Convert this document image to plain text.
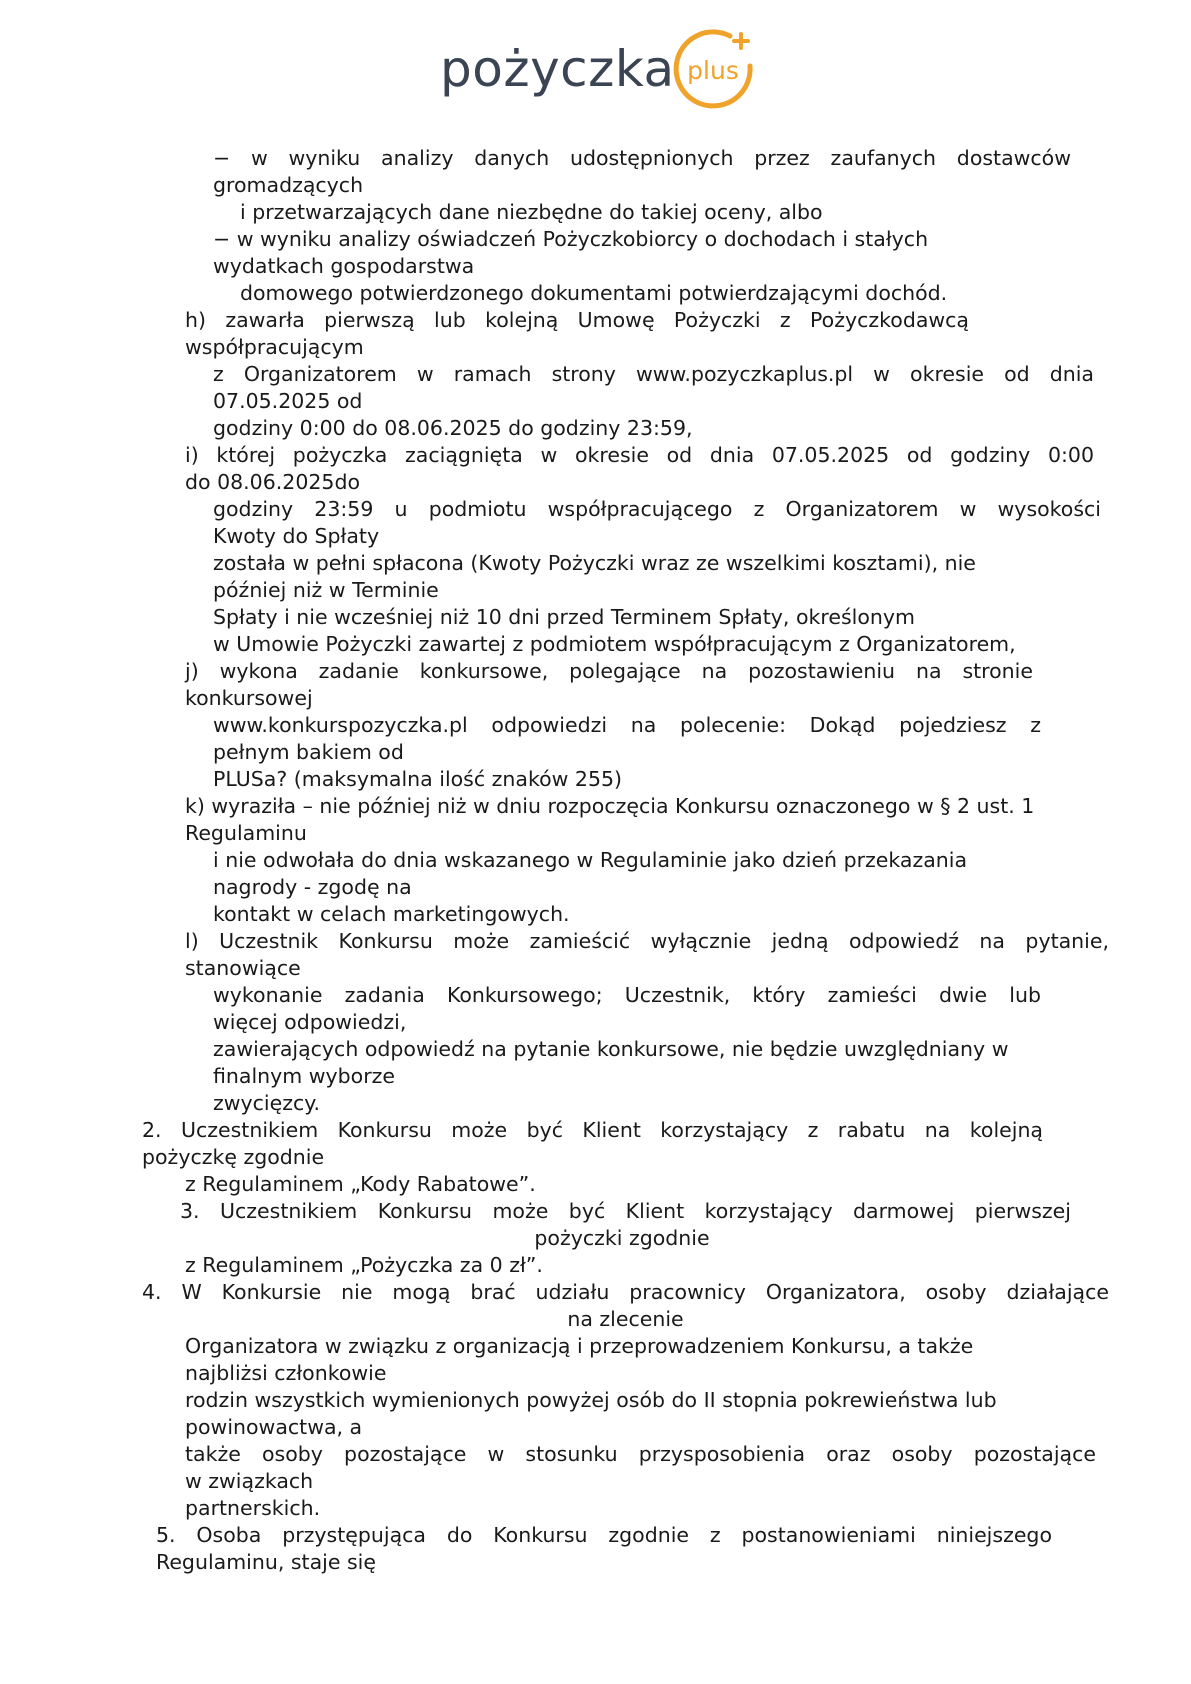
pożyczka plus
− w wyniku analizy danych udostępnionych przez zaufanych dostawców
gromadzących
i przetwarzających dane niezbędne do takiej oceny, albo
− w wyniku analizy oświadczeń Pożyczkobiorcy o dochodach i stałych
wydatkach gospodarstwa
domowego potwierdzonego dokumentami potwierdzającymi dochód.
h) zawarła pierwszą lub kolejną Umowę Pożyczki z Pożyczkodawcą
współpracującym
z Organizatorem w ramach strony www.pozyczkaplus.pl w okresie od dnia
07.05.2025 od
godziny 0:00 do 08.06.2025 do godziny 23:59,
i) której pożyczka zaciągnięta w okresie od dnia 07.05.2025 od godziny 0:00
do 08.06.2025do
godziny 23:59 u podmiotu współpracującego z Organizatorem w wysokości
Kwoty do Spłaty
została w pełni spłacona (Kwoty Pożyczki wraz ze wszelkimi kosztami), nie
później niż w Terminie
Spłaty i nie wcześniej niż 10 dni przed Terminem Spłaty, określonym
w Umowie Pożyczki zawartej z podmiotem współpracującym z Organizatorem,
j) wykona zadanie konkursowe, polegające na pozostawieniu na stronie
konkursowej
www.konkurspozyczka.pl odpowiedzi na polecenie: Dokąd pojedziesz z
pełnym bakiem od
PLUSa? (maksymalna ilość znaków 255)
k) wyraziła – nie później niż w dniu rozpoczęcia Konkursu oznaczonego w § 2 ust. 1
Regulaminu
i nie odwołała do dnia wskazanego w Regulaminie jako dzień przekazania
nagrody - zgodę na
kontakt w celach marketingowych.
l) Uczestnik Konkursu może zamieścić wyłącznie jedną odpowiedź na pytanie,
stanowiące
wykonanie zadania Konkursowego; Uczestnik, który zamieści dwie lub
więcej odpowiedzi,
zawierających odpowiedź na pytanie konkursowe, nie będzie uwzględniany w
finalnym wyborze
zwycięzcy.
2. Uczestnikiem Konkursu może być Klient korzystający z rabatu na kolejną
pożyczkę zgodnie
z Regulaminem „Kody Rabatowe”.
3. Uczestnikiem Konkursu może być Klient korzystający darmowej pierwszej
pożyczki zgodnie
z Regulaminem „Pożyczka za 0 zł”.
4. W Konkursie nie mogą brać udziału pracownicy Organizatora, osoby działające
na zlecenie
Organizatora w związku z organizacją i przeprowadzeniem Konkursu, a także
najbliżsi członkowie
rodzin wszystkich wymienionych powyżej osób do II stopnia pokrewieństwa lub
powinowactwa, a
także osoby pozostające w stosunku przysposobienia oraz osoby pozostające
w związkach
partnerskich.
5. Osoba przystępująca do Konkursu zgodnie z postanowieniami niniejszego
Regulaminu, staje się
